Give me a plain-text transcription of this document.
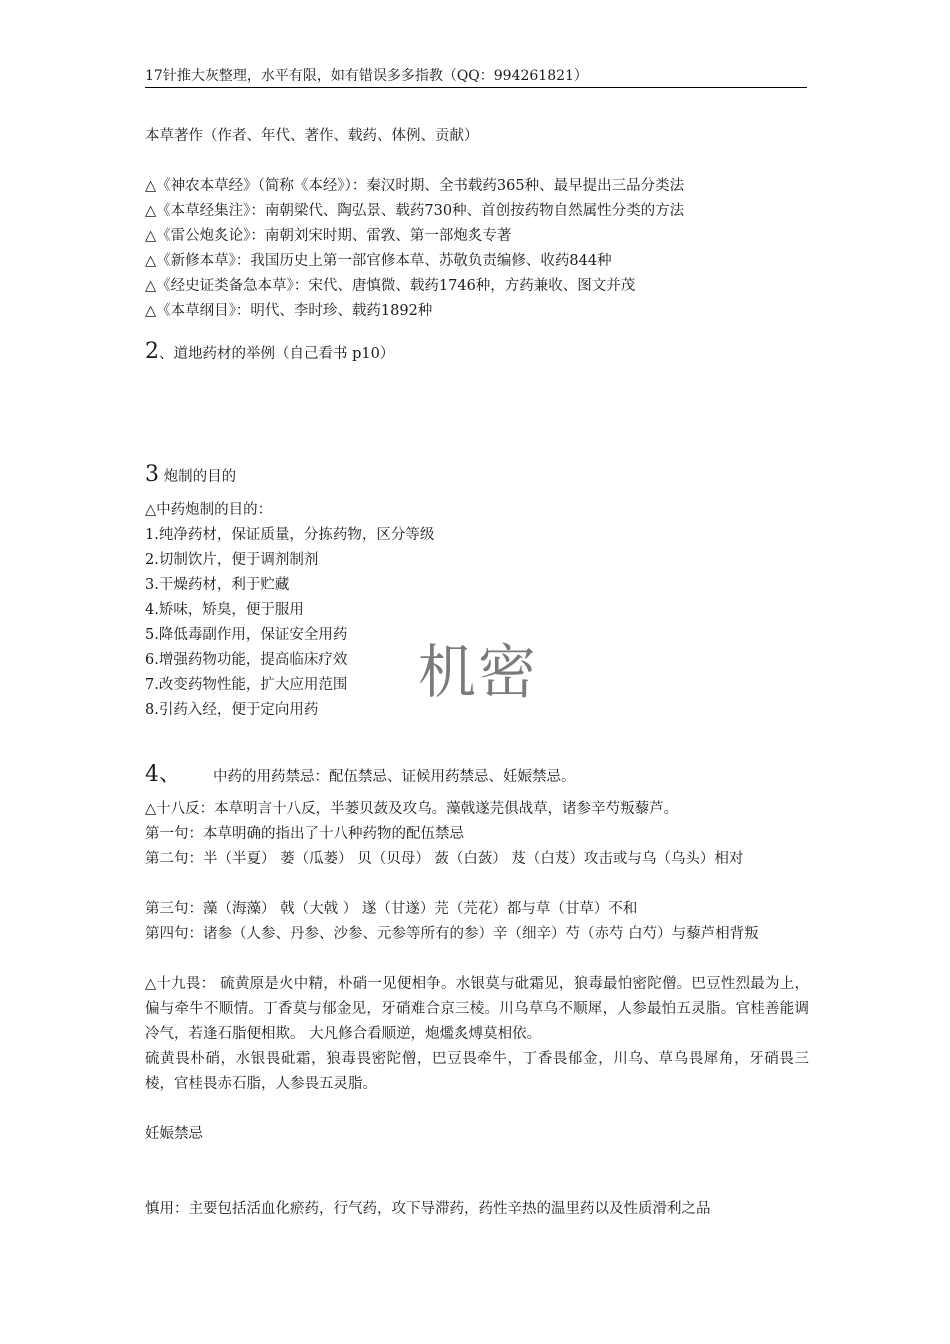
17针推大灰整理，水平有限，如有错误多多指教（QQ：994261821）
本草著作（作者、年代、著作、载药、体例、贡献）
△《神农本草经》（简称《本经》）：秦汉时期、全书载药365种、最早提出三品分类法
△《本草经集注》：南朝梁代、陶弘景、载药730种、首创按药物自然属性分类的方法
△《雷公炮炙论》：南朝刘宋时期、雷敩、第一部炮炙专著
△《新修本草》：我国历史上第一部官修本草、苏敬负责编修、收药844种
△《经史证类备急本草》：宋代、唐慎微、载药1746种，方药兼收、图文并茂
△《本草纲目》：明代、李时珍、载药1892种
2、道地药材的举例（自己看书 p10）
3 炮制的目的
△中药炮制的目的：
1.纯净药材，保证质量，分拣药物，区分等级
2.切制饮片，便于调剂制剂
3.干燥药材，利于贮藏
4.矫味，矫臭，便于服用
5.降低毒副作用，保证安全用药
6.增强药物功能，提高临床疗效
7.改变药物性能，扩大应用范围
8.引药入经，便于定向用药
机密
4、 中药的用药禁忌：配伍禁忌、证候用药禁忌、妊娠禁忌。
△十八反：本草明言十八反，半蒌贝蔹及攻乌。藻戟遂芫俱战草，诸参辛芍叛藜芦。
第一句：本草明确的指出了十八种药物的配伍禁忌
第二句：半（半夏） 蒌（瓜蒌） 贝（贝母） 蔹（白蔹） 芨（白芨）攻击或与乌（乌头）相对
第三句：藻（海藻） 戟（大戟 ） 遂（甘遂）芫（芫花）都与草（甘草）不和
第四句：诸参（人参、丹参、沙参、元参等所有的参）辛（细辛）芍（赤芍 白芍）与藜芦相背叛
△十九畏： 硫黄原是火中精，朴硝一见便相争。水银莫与砒霜见，狼毒最怕密陀僧。巴豆性烈最为上，偏与牵牛不顺情。丁香莫与郁金见，牙硝难合京三棱。川乌草乌不顺犀，人参最怕五灵脂。官桂善能调冷气，若逢石脂便相欺。 大凡修合看顺逆，炮爁炙煿莫相依。
硫黄畏朴硝，水银畏砒霜，狼毒畏密陀僧，巴豆畏牵牛，丁香畏郁金，川乌、草乌畏犀角，牙硝畏三棱，官桂畏赤石脂，人参畏五灵脂。
妊娠禁忌
慎用：主要包括活血化瘀药，行气药，攻下导滞药，药性辛热的温里药以及性质滑利之品
